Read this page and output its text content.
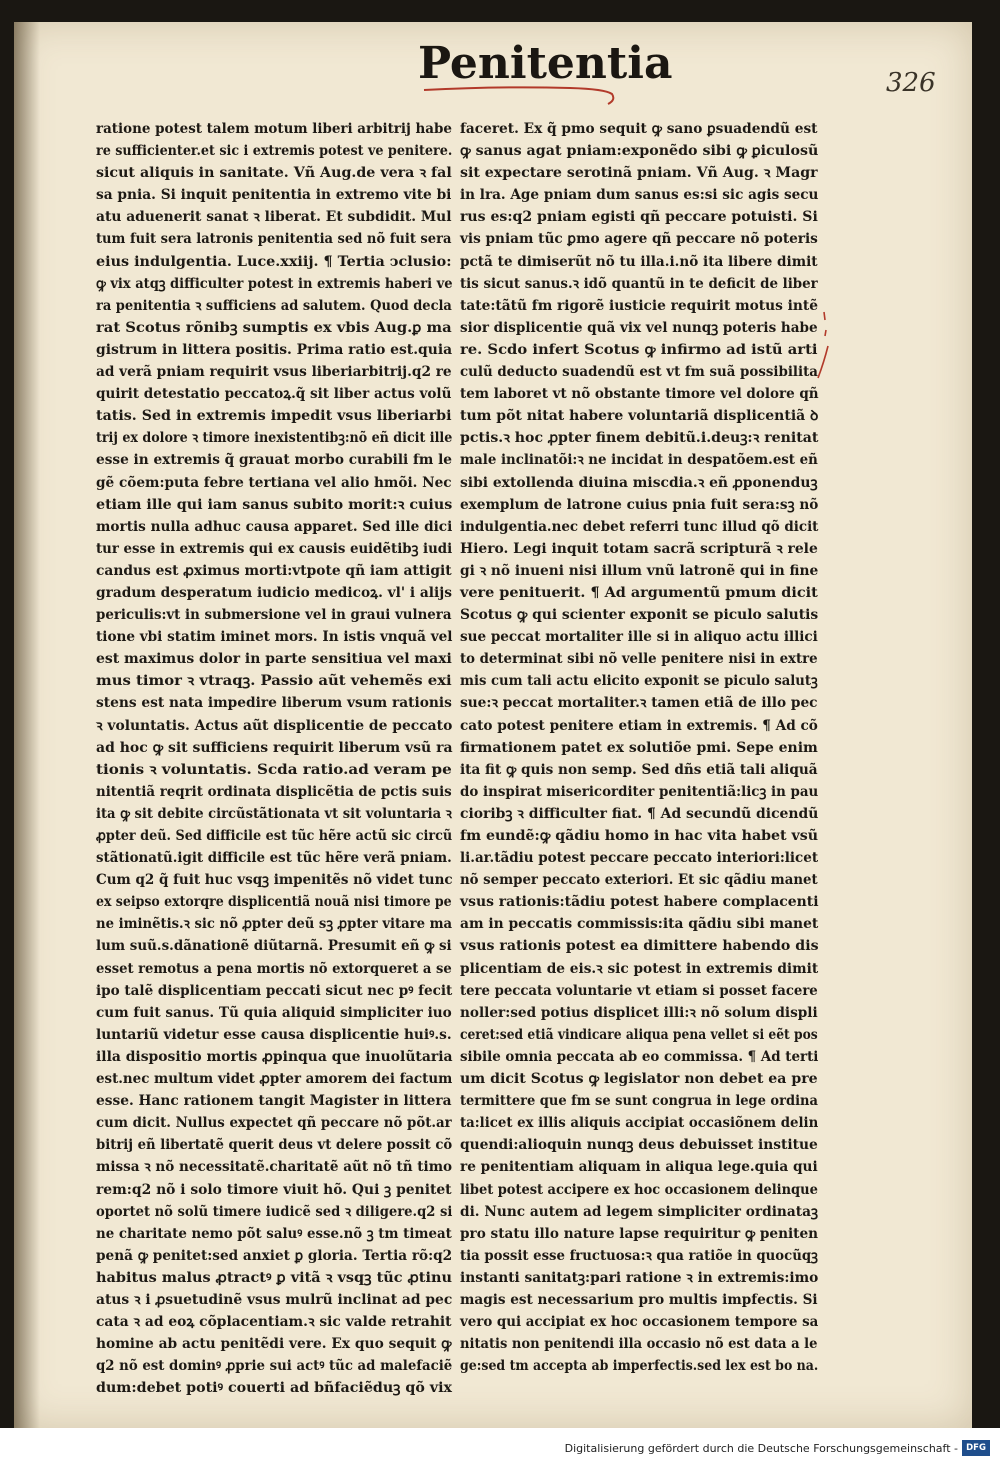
Penitentia	326
ratione potest talem motum liberi arbitrij habe
re sufficienter.et sic i extremis potest ve penitere.
sicut aliquis in sanitate. Vñ Aug.de vera ꝛ fal
sa pnia. Si inquit penitentia in extremo vite bi
atu aduenerit sanat ꝛ liberat. Et subdidit. Mul
tum fuit sera latronis penitentia sed nõ fuit sera
eius indulgentia. Luce.xxiij. ¶ Tertia ↄclusio:
ꝙ vix atqꝫ difficulter potest in extremis haberi ve
ra penitentia ꝛ sufficiens ad salutem. Quod decla
rat Scotus rõnibꝫ sumptis ex vbis Aug.ꝑ ma
gistrum in littera positis. Prima ratio est.quia
ad verã pniam requirit vsus liberiarbitrij.q2 re
quirit detestatio peccatoꝝ.q̃ sit liber actus volũ
tatis. Sed in extremis impedit vsus liberiarbi
trij ex dolore ꝛ timore inexistentibꝫ:nõ eñ dicit ille
esse in extremis q̃ grauat morbo curabili fm le
gẽ cõem:puta febre tertiana vel alio hmõi. Nec
etiam ille qui iam sanus subito morit:ꝛ cuius
mortis nulla adhuc causa apparet. Sed ille dici
tur esse in extremis qui ex causis euidẽtibꝫ iudi
candus est ꝓximus morti:vtpote qñ iam attigit
gradum desperatum iudicio medicoꝝ. vl' i alijs
periculis:vt in submersione vel in graui vulnera
tione vbi statim iminet mors. In istis vnquã vel
est maximus dolor in parte sensitiua vel maxi
mus timor ꝛ vtraqꝫ. Passio aũt vehemẽs exi
stens est nata impedire liberum vsum rationis
ꝛ voluntatis. Actus aũt displicentie de peccato
ad hoc ꝙ sit sufficiens requirit liberum vsũ ra
tionis ꝛ voluntatis. Scda ratio.ad veram pe
nitentiã reqrit ordinata displicẽtia de pctis suis
ita ꝙ sit debite circũstãtionata vt sit voluntaria ꝛ
ꝓpter deũ. Sed difficile est tũc hẽre actũ sic circũ
stãtionatũ.igit difficile est tũc hẽre verã pniam.
Cum q2 q̃ fuit huc vsqꝫ impenitẽs nõ videt tunc
ex seipso extorqre displicentiã nouã nisi timore pe
ne iminẽtis.ꝛ sic nõ ꝓpter deũ sꝫ ꝓpter vitare ma
lum suũ.s.dãnationẽ diũtarnã. Presumit eñ ꝙ si
esset remotus a pena mortis nõ extorqueret a se
ipo talẽ displicentiam peccati sicut nec pꝰ fecit
cum fuit sanus. Tũ quia aliquid simpliciter iuo
luntariũ videtur esse causa displicentie huiꝰ.s.
illa dispositio mortis ꝓpinqua que inuolũtaria
est.nec multum videt ꝓpter amorem dei factum
esse. Hanc rationem tangit Magister in littera
cum dicit. Nullus expectet qñ peccare nõ põt.ar
bitrij eñ libertatẽ querit deus vt delere possit cõ
missa ꝛ nõ necessitatẽ.charitatẽ aũt nõ tñ timo
rem:q2 nõ i solo timore viuit hõ. Qui ꝫ penitet
oportet nõ solũ timere iudicẽ sed ꝛ diligere.q2 si
ne charitate nemo põt saluꝰ esse.nõ ꝫ tm timeat
penã ꝙ penitet:sed anxiet ꝑ gloria. Tertia rõ:q2
habitus malus ꝓtractꝰ ꝑ vitã ꝛ vsqꝫ tũc ꝓtinu
atus ꝛ i ꝓsuetudinẽ vsus mulrũ inclinat ad pec
cata ꝛ ad eoꝝ cõplacentiam.ꝛ sic valde retrahit
homine ab actu penitẽdi vere. Ex quo sequit ꝙ
q2 nõ est dominꝰ ꝓprie sui actꝰ tũc ad malefaciẽ
dum:debet potiꝰ couerti ad bñfaciẽduꝫ qõ vix
faceret. Ex q̃ pmo sequit ꝙ sano ꝑsuadendũ est
ꝙ sanus agat pniam:exponẽdo sibi ꝙ ꝑiculosũ
sit expectare serotinã pniam. Vñ Aug. ꝛ Magr
in lra. Age pniam dum sanus es:si sic agis secu
rus es:q2 pniam egisti qñ peccare potuisti. Si
vis pniam tũc ꝑmo agere qñ peccare nõ poteris
pctã te dimiserũt nõ tu illa.i.nõ ita libere dimit
tis sicut sanus.ꝛ idõ quantũ in te deficit de liber
tate:tãtũ fm rigorẽ iusticie requirit motus intẽ
sior displicentie quã vix vel nunqꝫ poteris habe
re. Scdo infert Scotus ꝙ infirmo ad istũ arti
culũ deducto suadendũ est vt fm suã possibilita
tem laboret vt nõ obstante timore vel dolore qñ
tum põt nitat habere voluntariã displicentiã ꝺ
pctis.ꝛ hoc ꝓpter finem debitũ.i.deuꝫ:ꝛ renitat
male inclinatõi:ꝛ ne incidat in despatõem.est eñ
sibi extollenda diuina miscdia.ꝛ eñ ꝓponenduꝫ
exemplum de latrone cuius pnia fuit sera:sꝫ nõ
indulgentia.nec debet referri tunc illud qõ dicit
Hiero. Legi inquit totam sacrã scripturã ꝛ rele
gi ꝛ nõ inueni nisi illum vnũ latronẽ qui in fine
vere penituerit. ¶ Ad argumentũ pmum dicit
Scotus ꝙ qui scienter exponit se piculo salutis
sue peccat mortaliter ille si in aliquo actu illici
to determinat sibi nõ velle penitere nisi in extre
mis cum tali actu elicito exponit se piculo salutꝫ
sue:ꝛ peccat mortaliter.ꝛ tamen etiã de illo pec
cato potest penitere etiam in extremis. ¶ Ad cõ
firmationem patet ex solutiõe pmi. Sepe enim
ita fit ꝙ quis non semp. Sed dñs etiã tali aliquã
do inspirat misericorditer penitentiã:licꝫ in pau
cioribꝫ ꝛ difficulter fiat. ¶ Ad secundũ dicendũ
fm eundẽ:ꝙ qãdiu homo in hac vita habet vsũ
li.ar.tãdiu potest peccare peccato interiori:licet
nõ semper peccato exteriori. Et sic qãdiu manet
vsus rationis:tãdiu potest habere complacenti
am in peccatis commissis:ita qãdiu sibi manet
vsus rationis potest ea dimittere habendo dis
plicentiam de eis.ꝛ sic potest in extremis dimit
tere peccata voluntarie vt etiam si posset facere
noller:sed potius displicet illi:ꝛ nõ solum displi
ceret:sed etiã vindicare aliqua pena vellet si eẽt pos
sibile omnia peccata ab eo commissa. ¶ Ad terti
um dicit Scotus ꝙ legislator non debet ea pre
termittere que fm se sunt congrua in lege ordina
ta:licet ex illis aliquis accipiat occasiõnem delin
quendi:alioquin nunqꝫ deus debuisset institue
re penitentiam aliquam in aliqua lege.quia qui
libet potest accipere ex hoc occasionem delinque
di. Nunc autem ad legem simpliciter ordinataꝫ
pro statu illo nature lapse requiritur ꝙ peniten
tia possit esse fructuosa:ꝛ qua ratiõe in quocũqꝫ
instanti sanitatꝫ:pari ratione ꝛ in extremis:imo
magis est necessarium pro multis impfectis. Si
vero qui accipiat ex hoc occasionem tempore sa
nitatis non penitendi illa occasio nõ est data a le
ge:sed tm accepta ab imperfectis.sed lex est bo na.
Digitalisierung gefördert durch die Deutsche Forschungsgemeinschaft - DFG
